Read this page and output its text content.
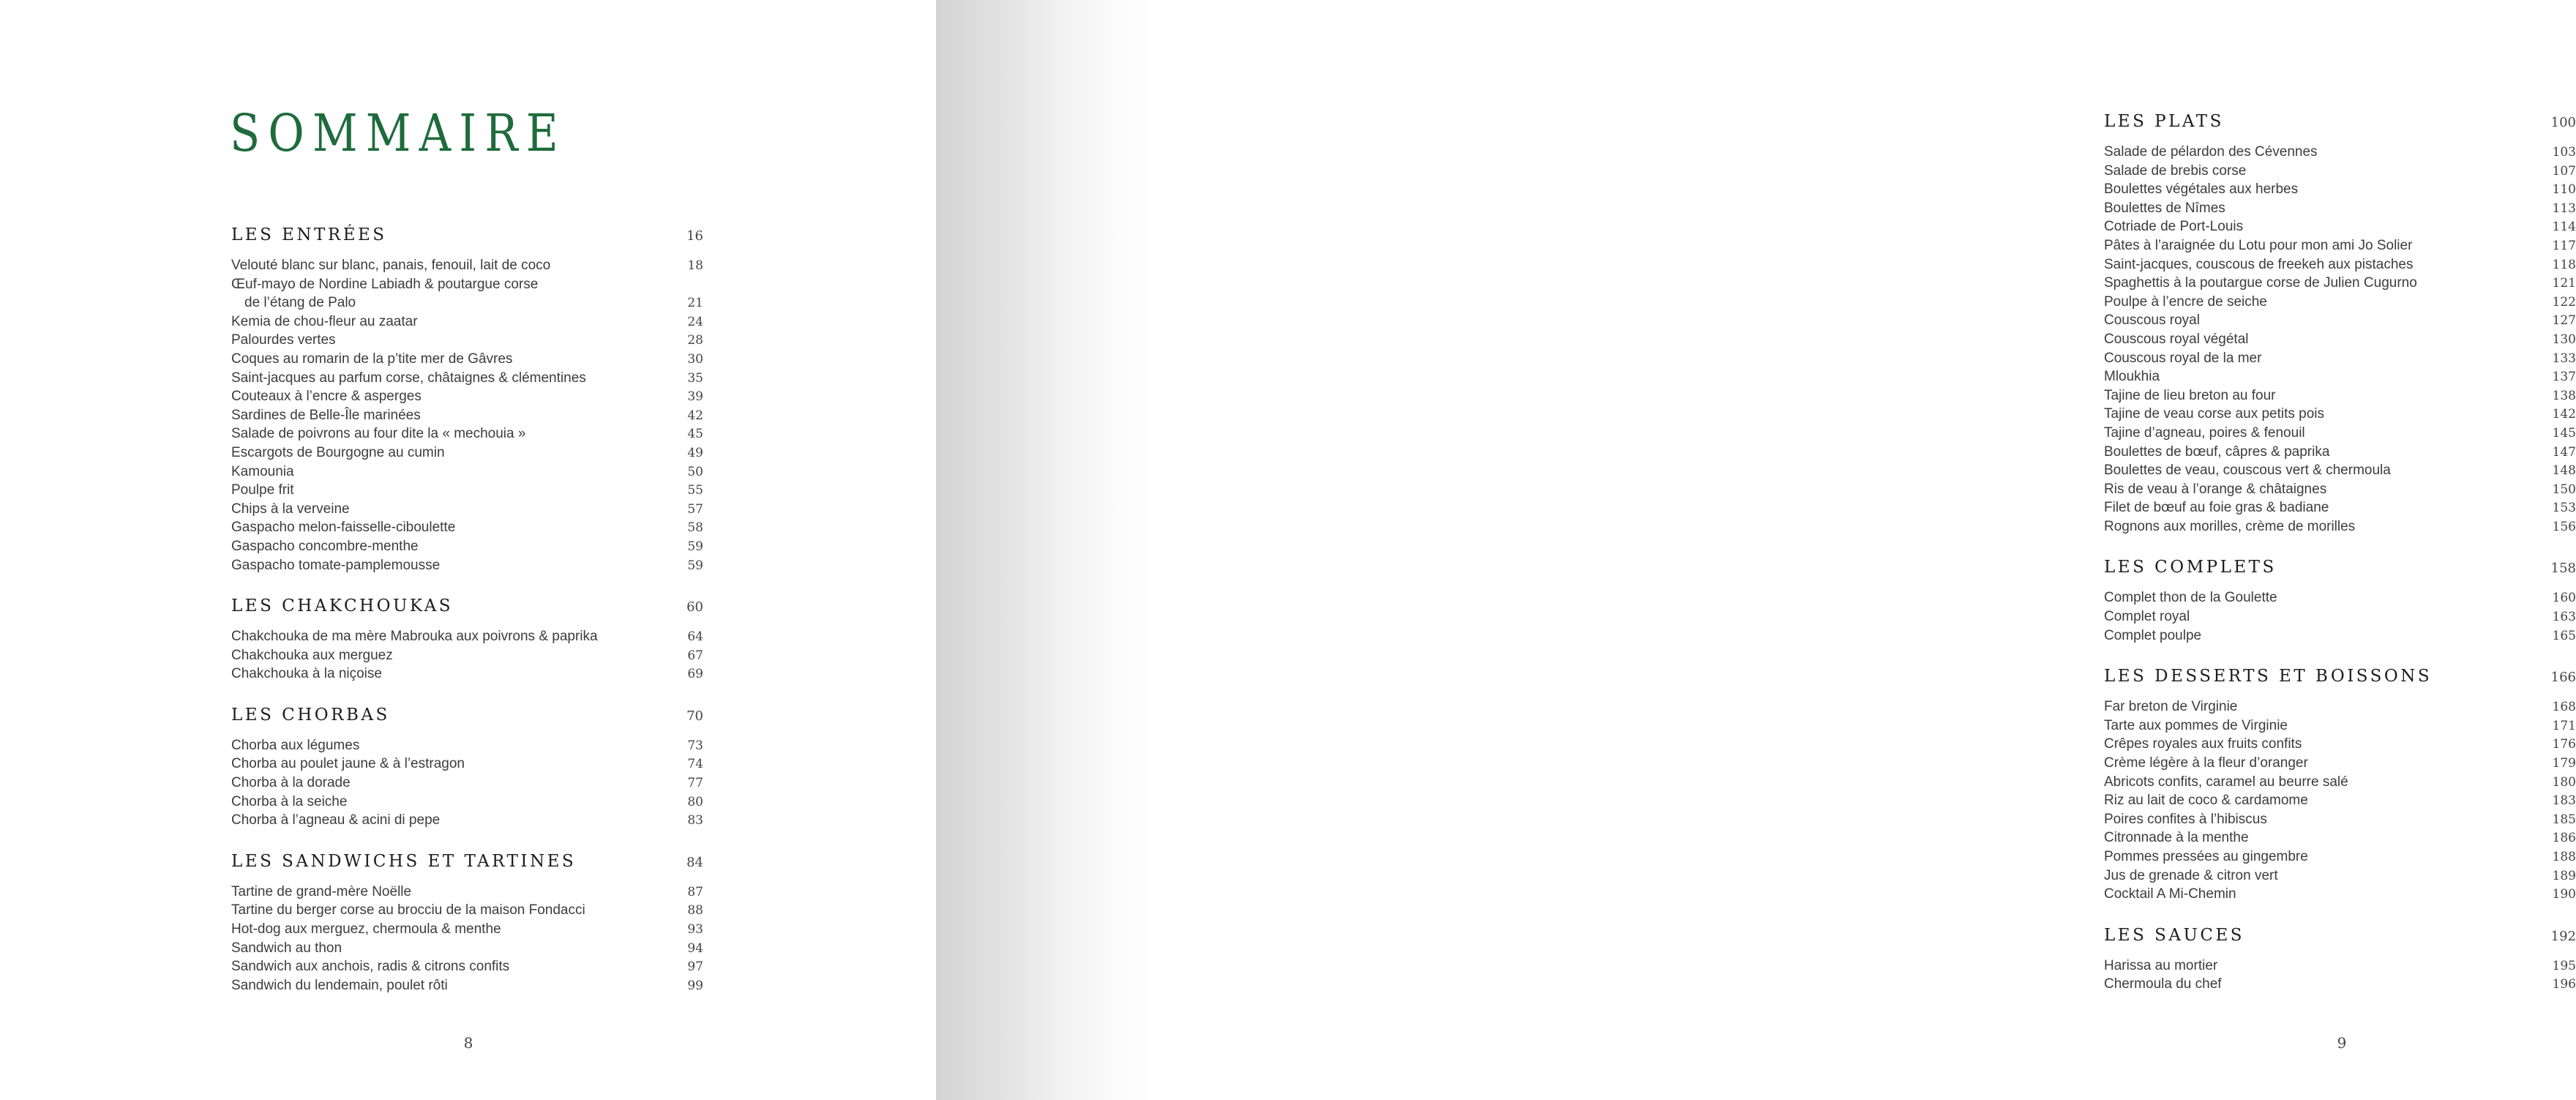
SOMMAIRE
LES ENTRÉES	16
Velouté blanc sur blanc, panais, fenouil, lait de coco	18
Œuf-mayo de Nordine Labiadh & poutargue corse
de l’étang de Palo	21
Kemia de chou-fleur au zaatar	24
Palourdes vertes	28
Coques au romarin de la p’tite mer de Gâvres	30
Saint-jacques au parfum corse, châtaignes & clémentines	35
Couteaux à l’encre & asperges	39
Sardines de Belle-Île marinées	42
Salade de poivrons au four dite la « mechouia »	45
Escargots de Bourgogne au cumin	49
Kamounia	50
Poulpe frit	55
Chips à la verveine	57
Gaspacho melon-faisselle-ciboulette	58
Gaspacho concombre-menthe	59
Gaspacho tomate-pamplemousse	59
LES CHAKCHOUKAS	60
Chakchouka de ma mère Mabrouka aux poivrons & paprika	64
Chakchouka aux merguez	67
Chakchouka à la niçoise	69
LES CHORBAS	70
Chorba aux légumes	73
Chorba au poulet jaune & à l’estragon	74
Chorba à la dorade	77
Chorba à la seiche	80
Chorba à l’agneau & acini di pepe	83
LES SANDWICHS ET TARTINES	84
Tartine de grand-mère Noëlle	87
Tartine du berger corse au brocciu de la maison Fondacci	88
Hot-dog aux merguez, chermoula & menthe	93
Sandwich au thon	94
Sandwich aux anchois, radis & citrons confits	97
Sandwich du lendemain, poulet rôti	99
8
LES PLATS	100
Salade de pélardon des Cévennes	103
Salade de brebis corse	107
Boulettes végétales aux herbes	110
Boulettes de Nîmes	113
Cotriade de Port-Louis	114
Pâtes à l’araignée du Lotu pour mon ami Jo Solier	117
Saint-jacques, couscous de freekeh aux pistaches	118
Spaghettis à la poutargue corse de Julien Cugurno	121
Poulpe à l’encre de seiche	122
Couscous royal	127
Couscous royal végétal	130
Couscous royal de la mer	133
Mloukhia	137
Tajine de lieu breton au four	138
Tajine de veau corse aux petits pois	142
Tajine d’agneau, poires & fenouil	145
Boulettes de bœuf, câpres & paprika	147
Boulettes de veau, couscous vert & chermoula	148
Ris de veau à l’orange & châtaignes	150
Filet de bœuf au foie gras & badiane	153
Rognons aux morilles, crème de morilles	156
LES COMPLETS	158
Complet thon de la Goulette	160
Complet royal	163
Complet poulpe	165
LES DESSERTS ET BOISSONS	166
Far breton de Virginie	168
Tarte aux pommes de Virginie	171
Crêpes royales aux fruits confits	176
Crème légère à la fleur d’oranger	179
Abricots confits, caramel au beurre salé	180
Riz au lait de coco & cardamome	183
Poires confites à l’hibiscus	185
Citronnade à la menthe	186
Pommes pressées au gingembre	188
Jus de grenade & citron vert	189
Cocktail A Mi-Chemin	190
LES SAUCES	192
Harissa au mortier	195
Chermoula du chef	196
9
